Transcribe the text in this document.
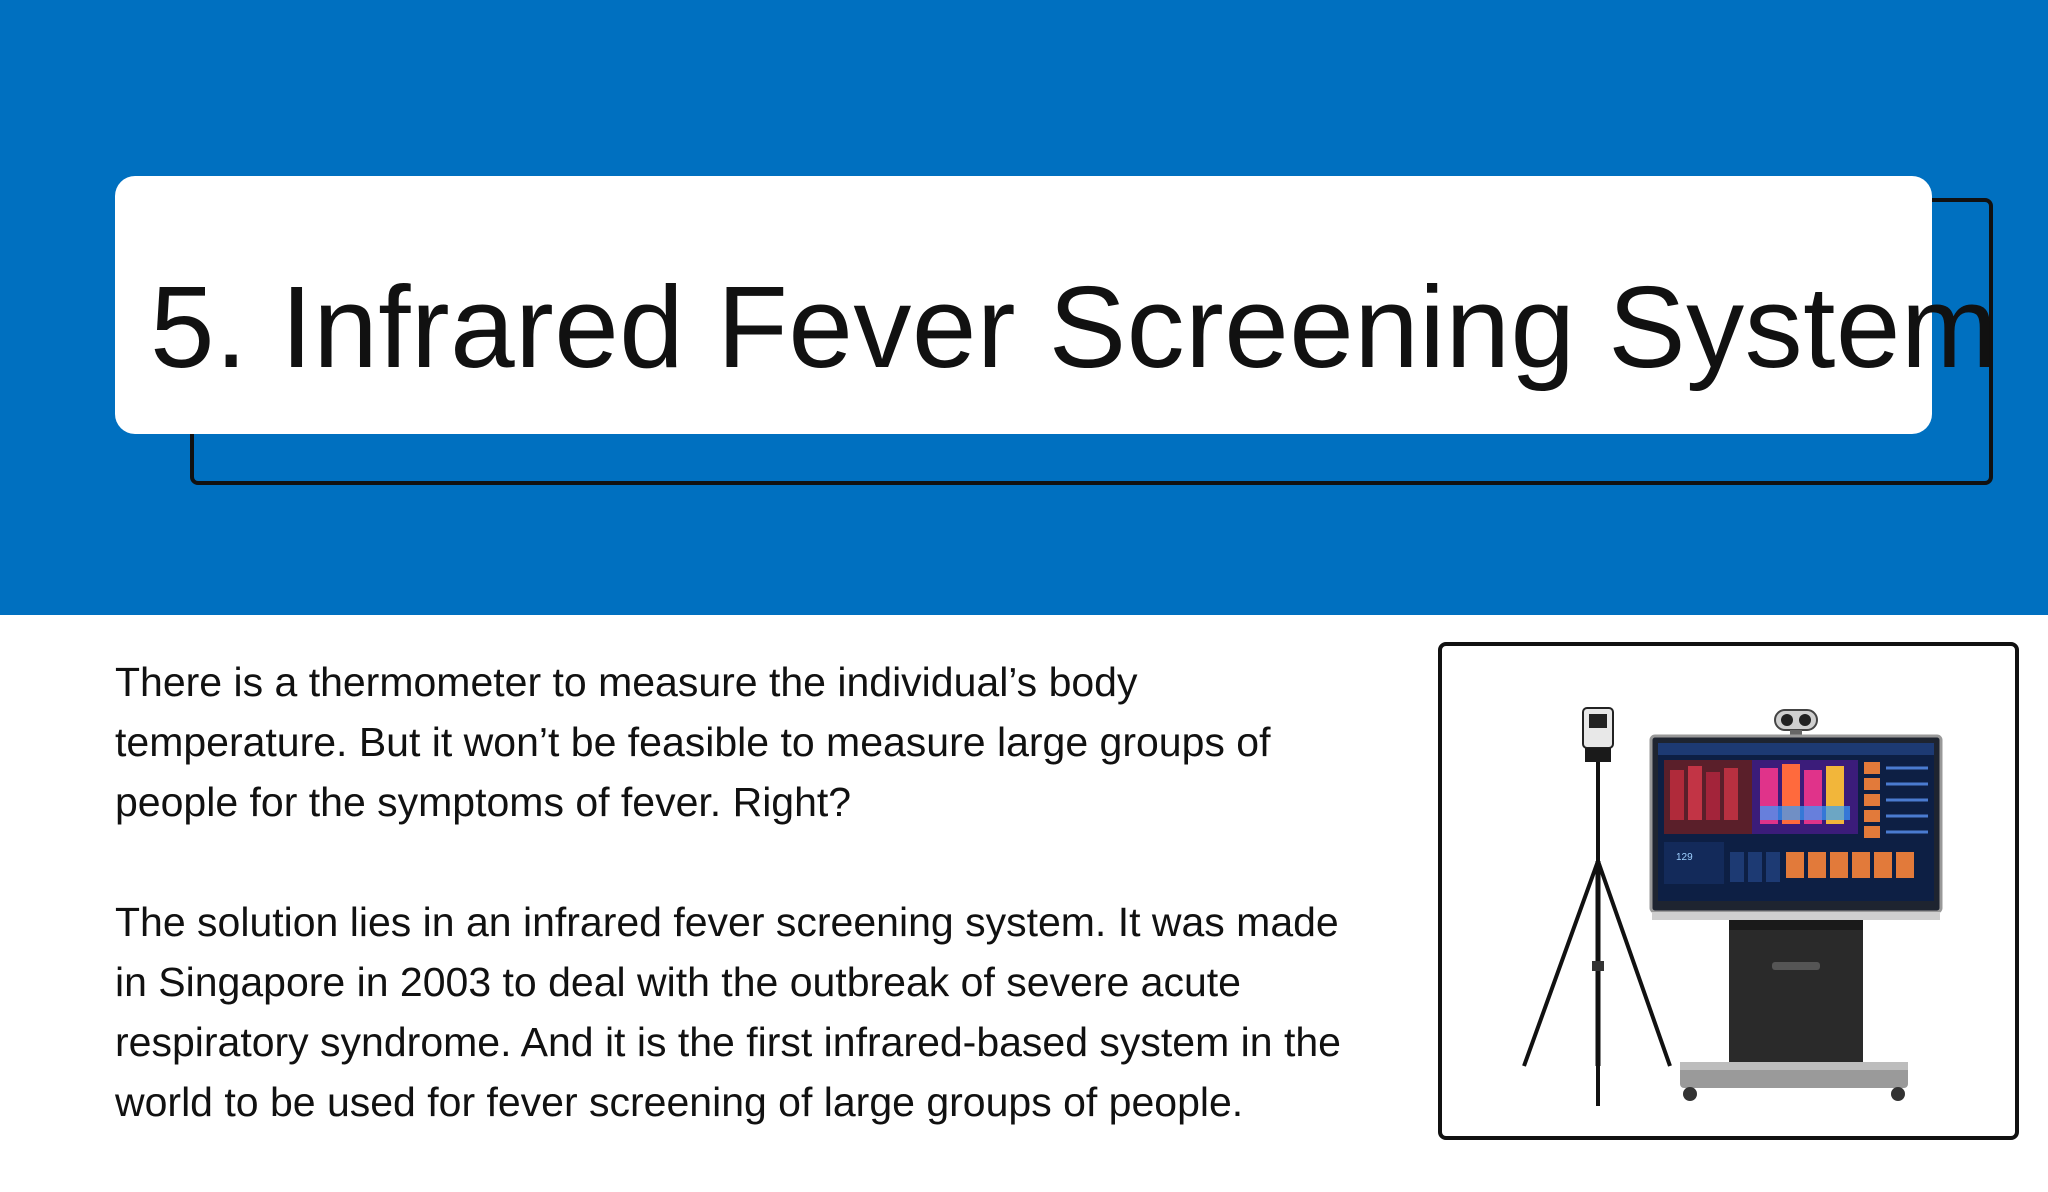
5. Infrared Fever Screening System

There is a thermometer to measure the individual’s body
temperature. But it won’t be feasible to measure large groups of
people for the symptoms of fever. Right?

The solution lies in an infrared fever screening system. It was made
in Singapore in 2003 to deal with the outbreak of severe acute
respiratory syndrome. And it is the first infrared-based system in the
world to be used for fever screening of large groups of people.

129
